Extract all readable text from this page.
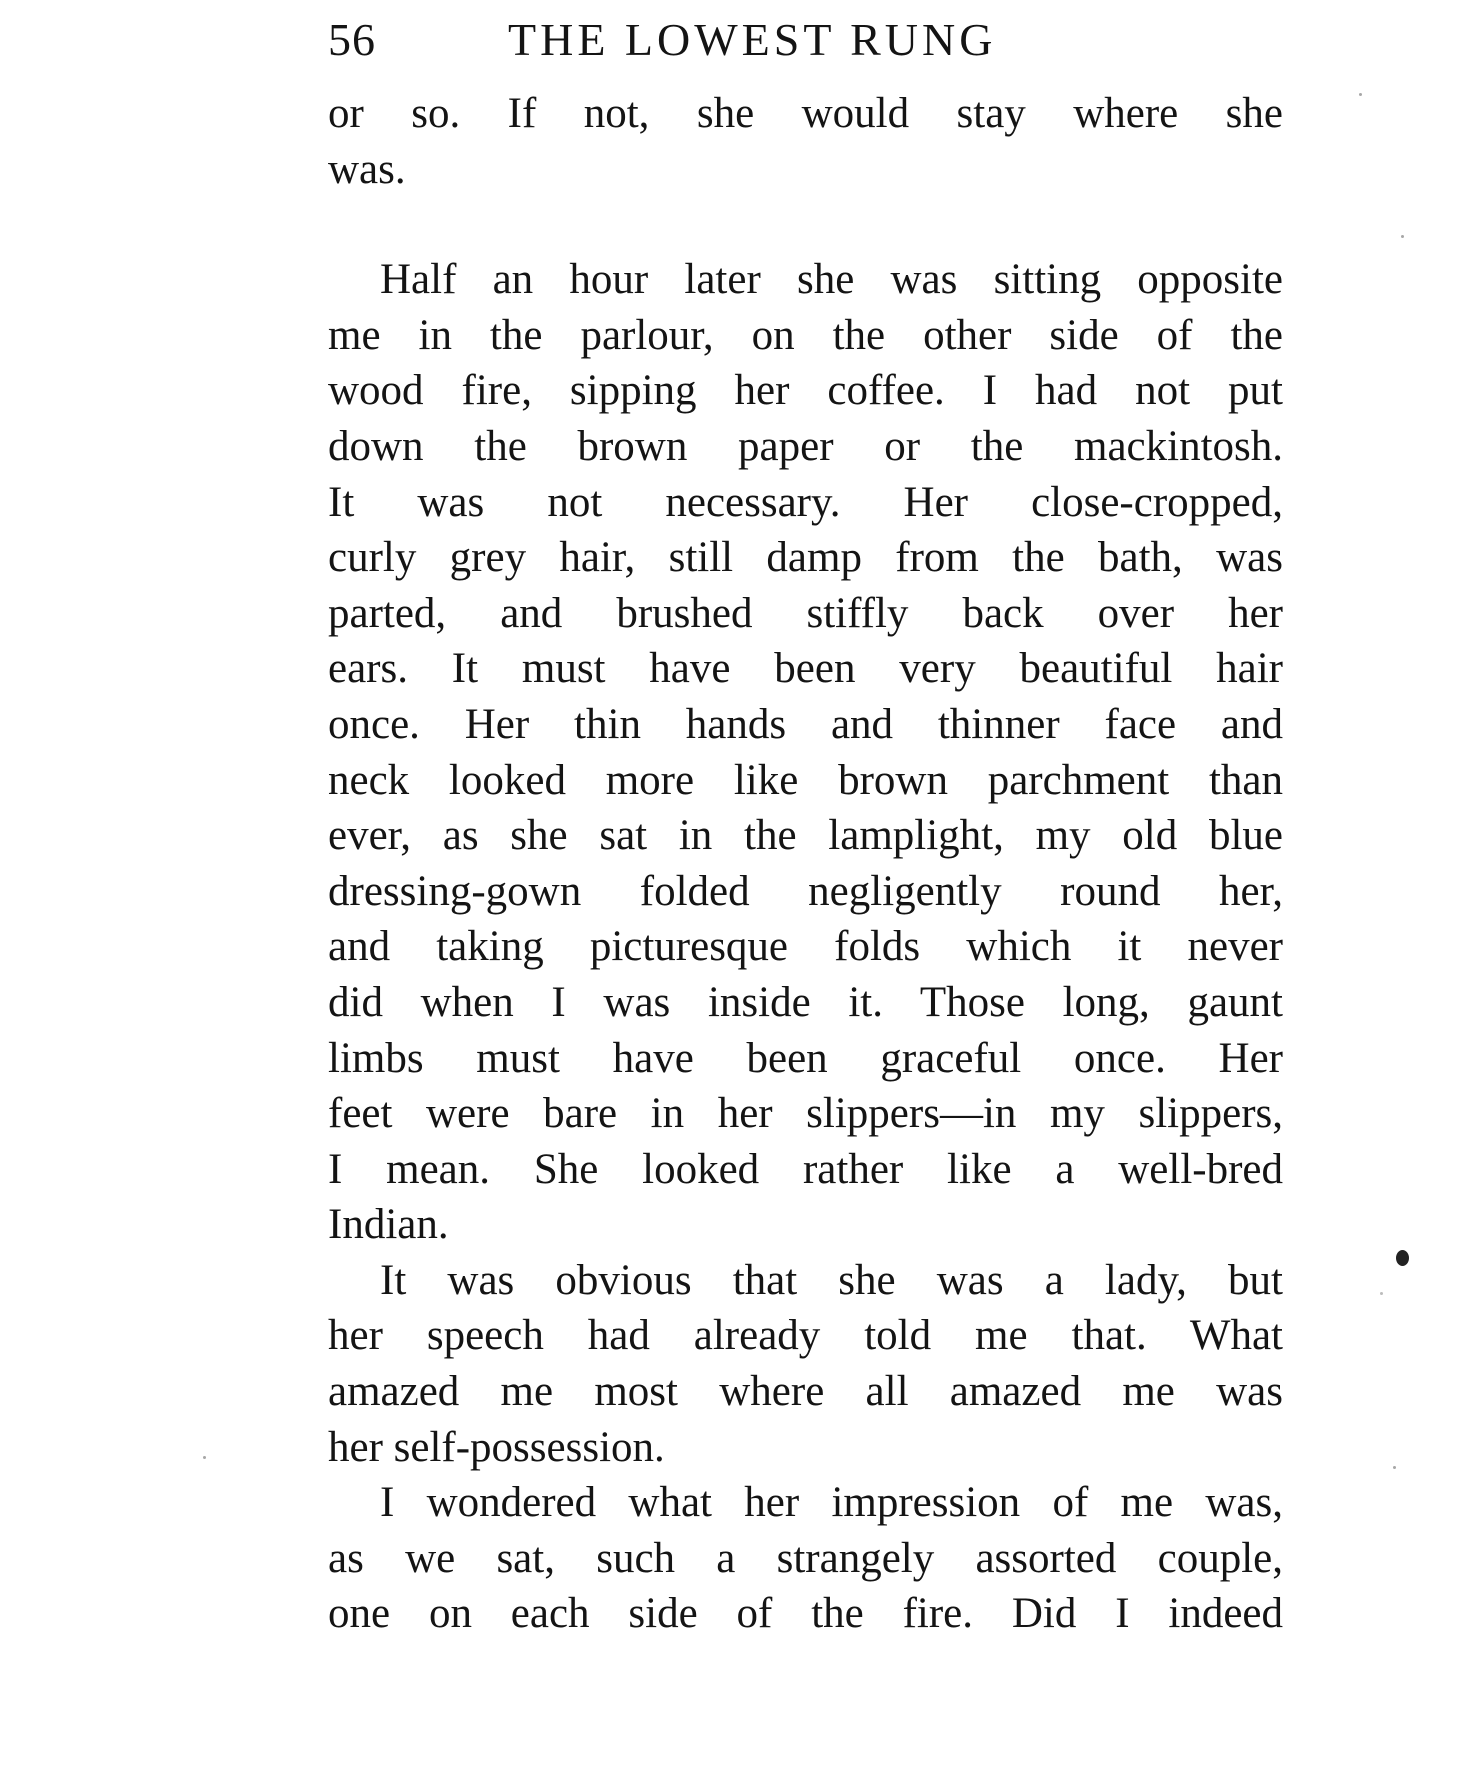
56	THE LOWEST RUNG
or so. If not, she would stay where she
was.
Half an hour later she was sitting opposite
me in the parlour, on the other side of the
wood fire, sipping her coffee. I had not put
down the brown paper or the mackintosh.
It was not necessary. Her close-cropped,
curly grey hair, still damp from the bath, was
parted, and brushed stiffly back over her
ears. It must have been very beautiful hair
once. Her thin hands and thinner face and
neck looked more like brown parchment than
ever, as she sat in the lamplight, my old blue
dressing-gown folded negligently round her,
and taking picturesque folds which it never
did when I was inside it. Those long, gaunt
limbs must have been graceful once. Her
feet were bare in her slippers—in my slippers,
I mean. She looked rather like a well-bred
Indian.
It was obvious that she was a lady, but
her speech had already told me that. What
amazed me most where all amazed me was
her self-possession.
I wondered what her impression of me was,
as we sat, such a strangely assorted couple,
one on each side of the fire. Did I indeed
